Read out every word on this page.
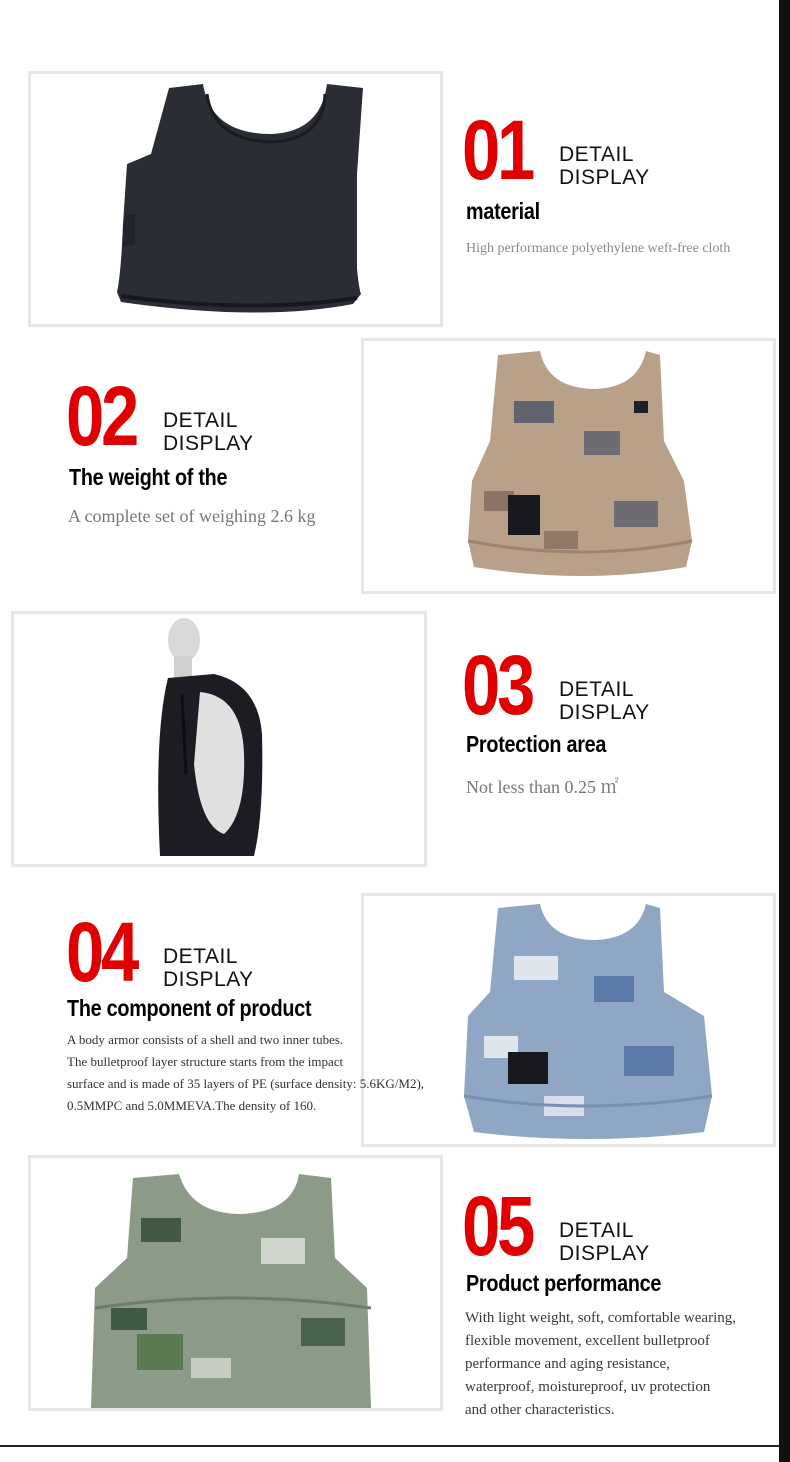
01 DETAIL
DISPLAY
material
High performance polyethylene weft-free cloth
02 DETAIL
DISPLAY
The weight of the
A complete set of weighing 2.6 kg
03 DETAIL
DISPLAY
Protection area
Not less than 0.25 ㎡
04 DETAIL
DISPLAY
The component of product
A body armor consists of a shell and two inner tubes.
The bulletproof layer structure starts from the impact
surface and is made of 35 layers of PE (surface density: 5.6KG/M2),
0.5MMPC and 5.0MMEVA.The density of 160.
05 DETAIL
DISPLAY
Product performance
With light weight, soft, comfortable wearing,
flexible movement, excellent bulletproof
performance and aging resistance,
waterproof, moistureproof, uv protection
and other characteristics.
